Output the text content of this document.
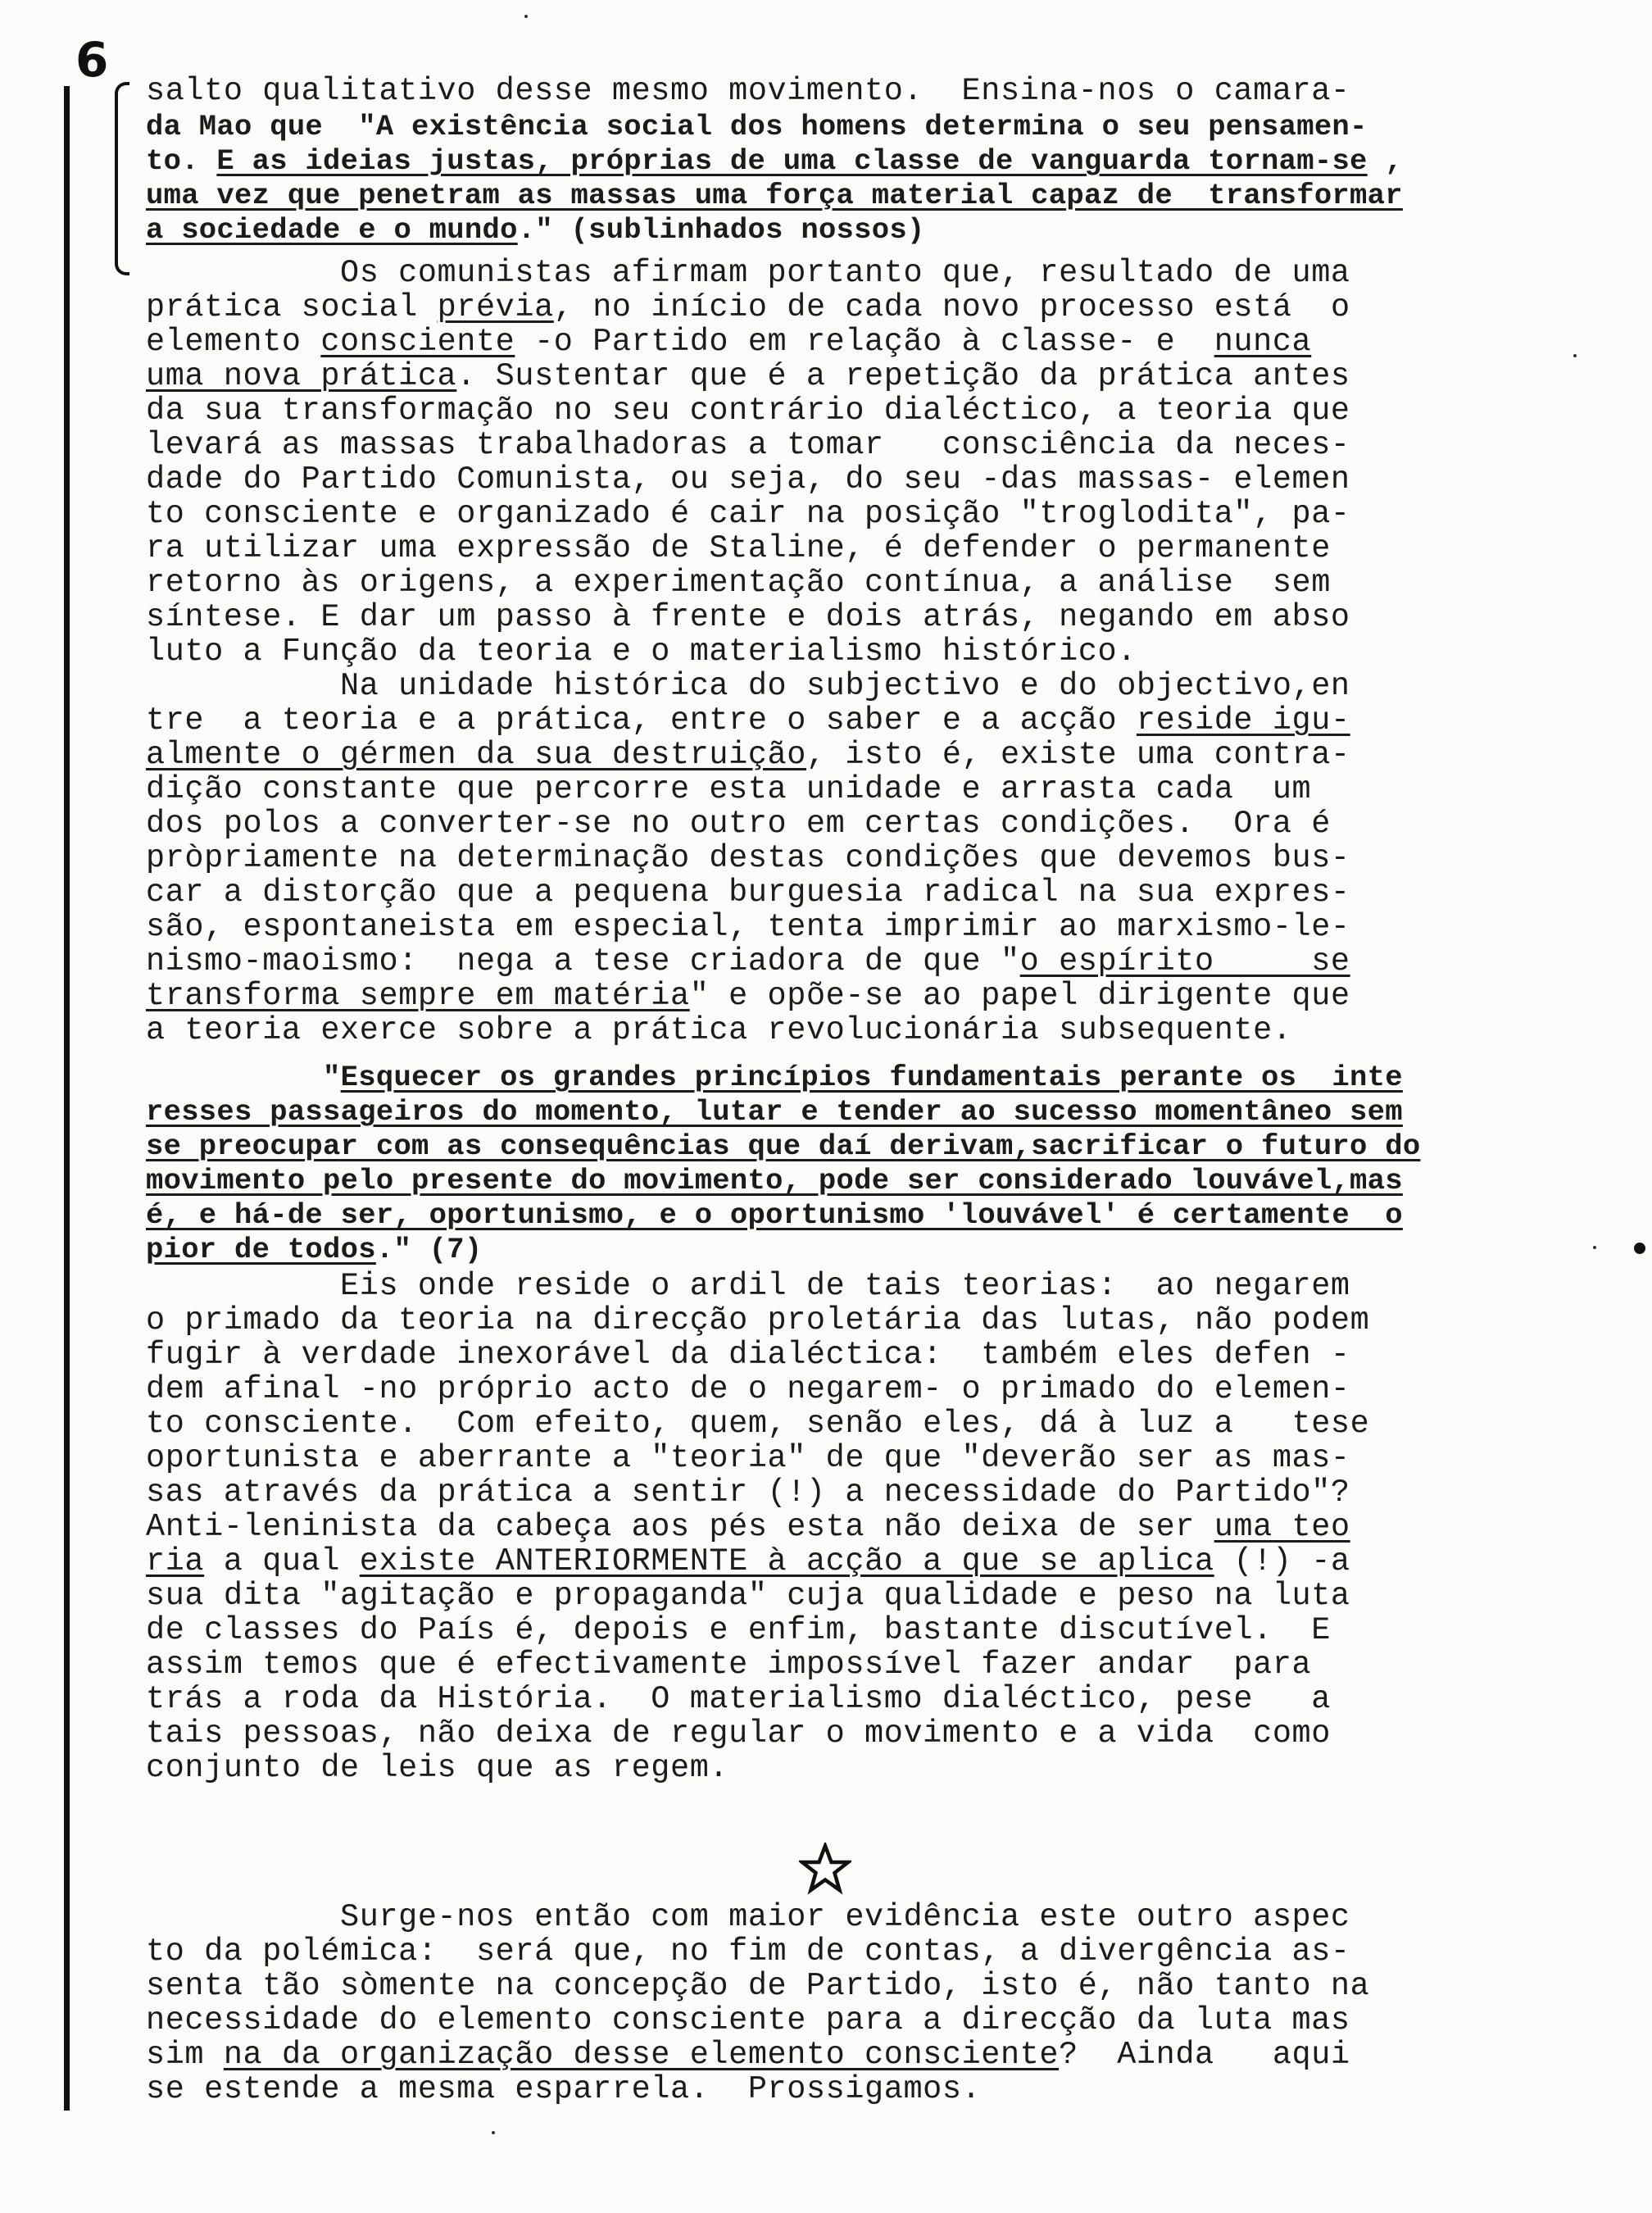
6
salto qualitativo desse mesmo movimento.  Ensina-nos o camara-
da Mao que  "A existência social dos homens determina o seu pensamen-
to. E as ideias justas, próprias de uma classe de vanguarda tornam-se ,
uma vez que penetram as massas uma força material capaz de  transformar
a sociedade e o mundo." (sublinhados nossos)
Os comunistas afirmam portanto que, resultado de uma
prática social prévia, no início de cada novo processo está  o
elemento consciente -o Partido em relação à classe- e  nunca
uma nova prática. Sustentar que é a repetição da prática antes
da sua transformação no seu contrário dialéctico, a teoria que
levará as massas trabalhadoras a tomar   consciência da neces-
dade do Partido Comunista, ou seja, do seu -das massas- elemen
to consciente e organizado é cair na posição "troglodita", pa-
ra utilizar uma expressão de Staline, é defender o permanente
retorno às origens, a experimentação contínua, a análise  sem
síntese. E dar um passo à frente e dois atrás, negando em abso
luto a Função da teoria e o materialismo histórico.
Na unidade histórica do subjectivo e do objectivo,en
tre  a teoria e a prática, entre o saber e a acção reside igu-
almente o gérmen da sua destruição, isto é, existe uma contra-
dição constante que percorre esta unidade e arrasta cada  um
dos polos a converter-se no outro em certas condições.  Ora é
pròpriamente na determinação destas condições que devemos bus-
car a distorção que a pequena burguesia radical na sua expres-
são, espontaneista em especial, tenta imprimir ao marxismo-le-
nismo-maoismo:  nega a tese criadora de que "o espírito     se
transforma sempre em matéria" e opõe-se ao papel dirigente que
a teoria exerce sobre a prática revolucionária subsequente.
"Esquecer os grandes princípios fundamentais perante os  inte
resses passageiros do momento, lutar e tender ao sucesso momentâneo sem
se preocupar com as consequências que daí derivam,sacrificar o futuro do
movimento pelo presente do movimento, pode ser considerado louvável,mas
é, e há-de ser, oportunismo, e o oportunismo 'louvável' é certamente  o
pior de todos." (7)
Eis onde reside o ardil de tais teorias:  ao negarem
o primado da teoria na direcção proletária das lutas, não podem
fugir à verdade inexorável da dialéctica:  também eles defen -
dem afinal -no próprio acto de o negarem- o primado do elemen-
to consciente.  Com efeito, quem, senão eles, dá à luz a   tese
oportunista e aberrante a "teoria" de que "deverão ser as mas-
sas através da prática a sentir (!) a necessidade do Partido"?
Anti-leninista da cabeça aos pés esta não deixa de ser uma teo
ria a qual existe ANTERIORMENTE à acção a que se aplica (!) -a
sua dita "agitação e propaganda" cuja qualidade e peso na luta
de classes do País é, depois e enfim, bastante discutível.  E
assim temos que é efectivamente impossível fazer andar  para
trás a roda da História.  O materialismo dialéctico, pese   a
tais pessoas, não deixa de regular o movimento e a vida  como
conjunto de leis que as regem.
Surge-nos então com maior evidência este outro aspec
to da polémica:  será que, no fim de contas, a divergência as-
senta tão sòmente na concepção de Partido, isto é, não tanto na
necessidade do elemento consciente para a direcção da luta mas
sim na da organização desse elemento consciente?  Ainda   aqui
se estende a mesma esparrela.  Prossigamos.
